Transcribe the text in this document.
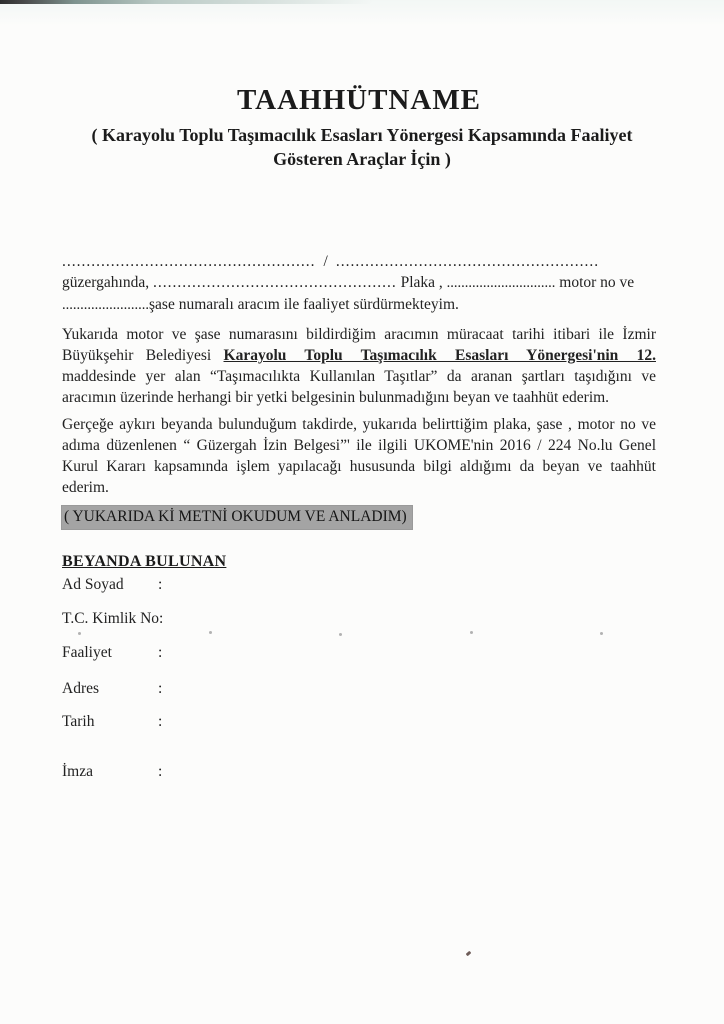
TAAHHÜTNAME
( Karayolu Toplu Taşımacılık Esasları Yönergesi Kapsamında Faaliyet Gösteren Araçlar İçin )
.................................................... / ......................................................
güzergahında, .................................................. Plaka , .............................. motor no ve
........................şase numaralı aracım ile faaliyet sürdürmekteyim.

Yukarıda motor ve şase numarasını bildirdiğim aracımın müracaat tarihi itibari ile İzmir Büyükşehir Belediyesi Karayolu Toplu Taşımacılık Esasları Yönergesi'nin 12. maddesinde yer alan “Taşımacılıkta Kullanılan Taşıtlar” da aranan şartları taşıdığını ve aracımın üzerinde herhangi bir yetki belgesinin bulunmadığını beyan ve taahhüt ederim.

Gerçeğe aykırı beyanda bulunduğum takdirde, yukarıda belirttiğim plaka, şase , motor no ve adıma düzenlenen “ Güzergah İzin Belgesi”' ile ilgili UKOME'nin 2016 / 224 No.lu Genel Kurul Kararı kapsamında işlem yapılacağı hususunda bilgi aldığımı da beyan ve taahhüt ederim.

( YUKARIDA Kİ METNİ OKUDUM VE ANLADIM)
BEYANDA BULUNAN
Ad Soyad :
T.C. Kimlik No:
Faaliyet	:
Adres	:
Tarih	:
İmza	:
